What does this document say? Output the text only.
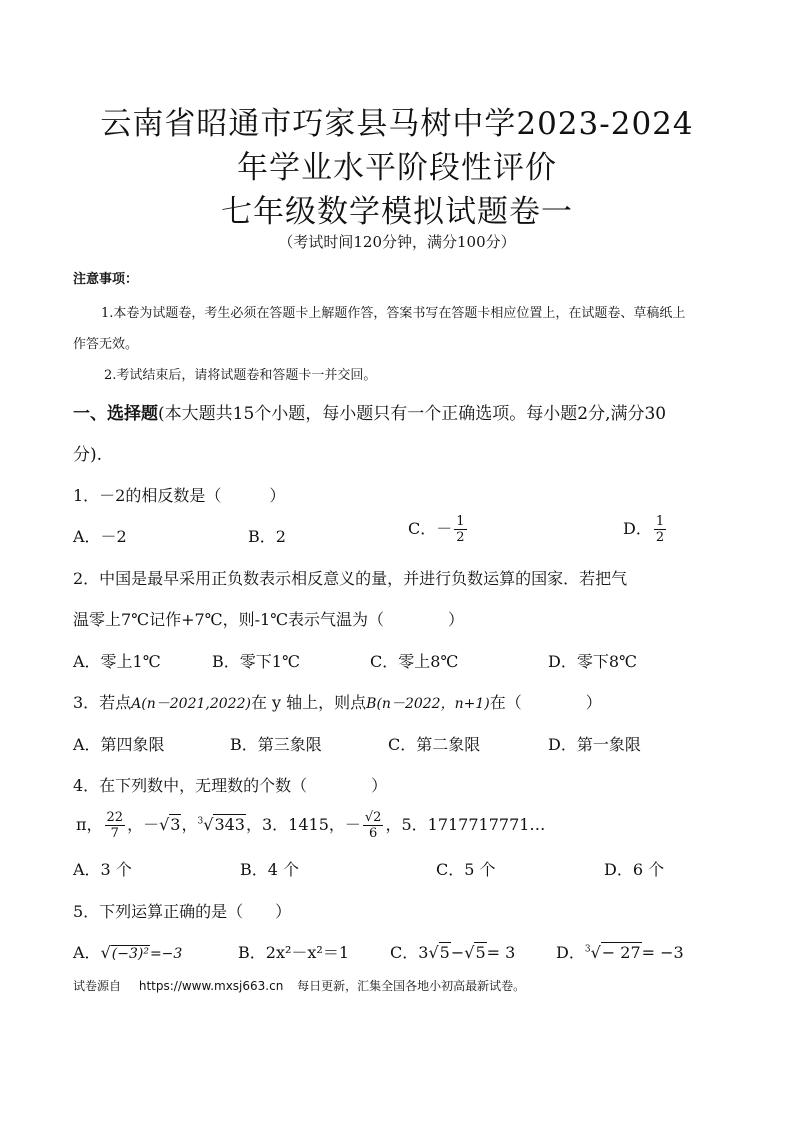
云南省昭通市巧家县马树中学2023-2024
年学业水平阶段性评价
七年级数学模拟试题卷一
（考试时间120分钟，满分100分）
注意事项：
1.本卷为试题卷，考生必须在答题卡上解题作答，答案书写在答题卡相应位置上，在试题卷、草稿纸上
作答无效。
2.考试结束后，请将试题卷和答题卡一并交回。
一、选择题(本大题共15个小题，每小题只有一个正确选项。每小题2分,满分30
分).
1．－2的相反数是（　　　）
A．－2	B．2	C．－ $\frac{1}{2}$	D． $\frac{1}{2}$
2．中国是最早采用正负数表示相反意义的量，并进行负数运算的国家．若把气
温零上7℃记作+7℃，则-1℃表示气温为（　　　　）
A．零上1℃	B．零下1℃	C．零上8℃	D．零下8℃
3．若点A(n－2021,2022)在 y 轴上，则点B(n－2022，n+1)在（　　　　）
A．第四象限	B．第三象限	C．第二象限	D．第一象限
4．在下列数中，无理数的个数（　　　　）
π， $\frac{22}{7}$ ，－√3，$^3$√343，3．1415，－ $\frac{√2}{6}$ ，5．1717717771…
A．3 个	B．4 个	C．5 个	D．6 个
5．下列运算正确的是（　　）
A．√(−3)²=−3	B．2x²－x²＝1	C．3√5−√5= 3	D．$^3$√− 27= −3
试卷源自 https://www.mxsj663.cn 每日更新，汇集全国各地小初高最新试卷。
